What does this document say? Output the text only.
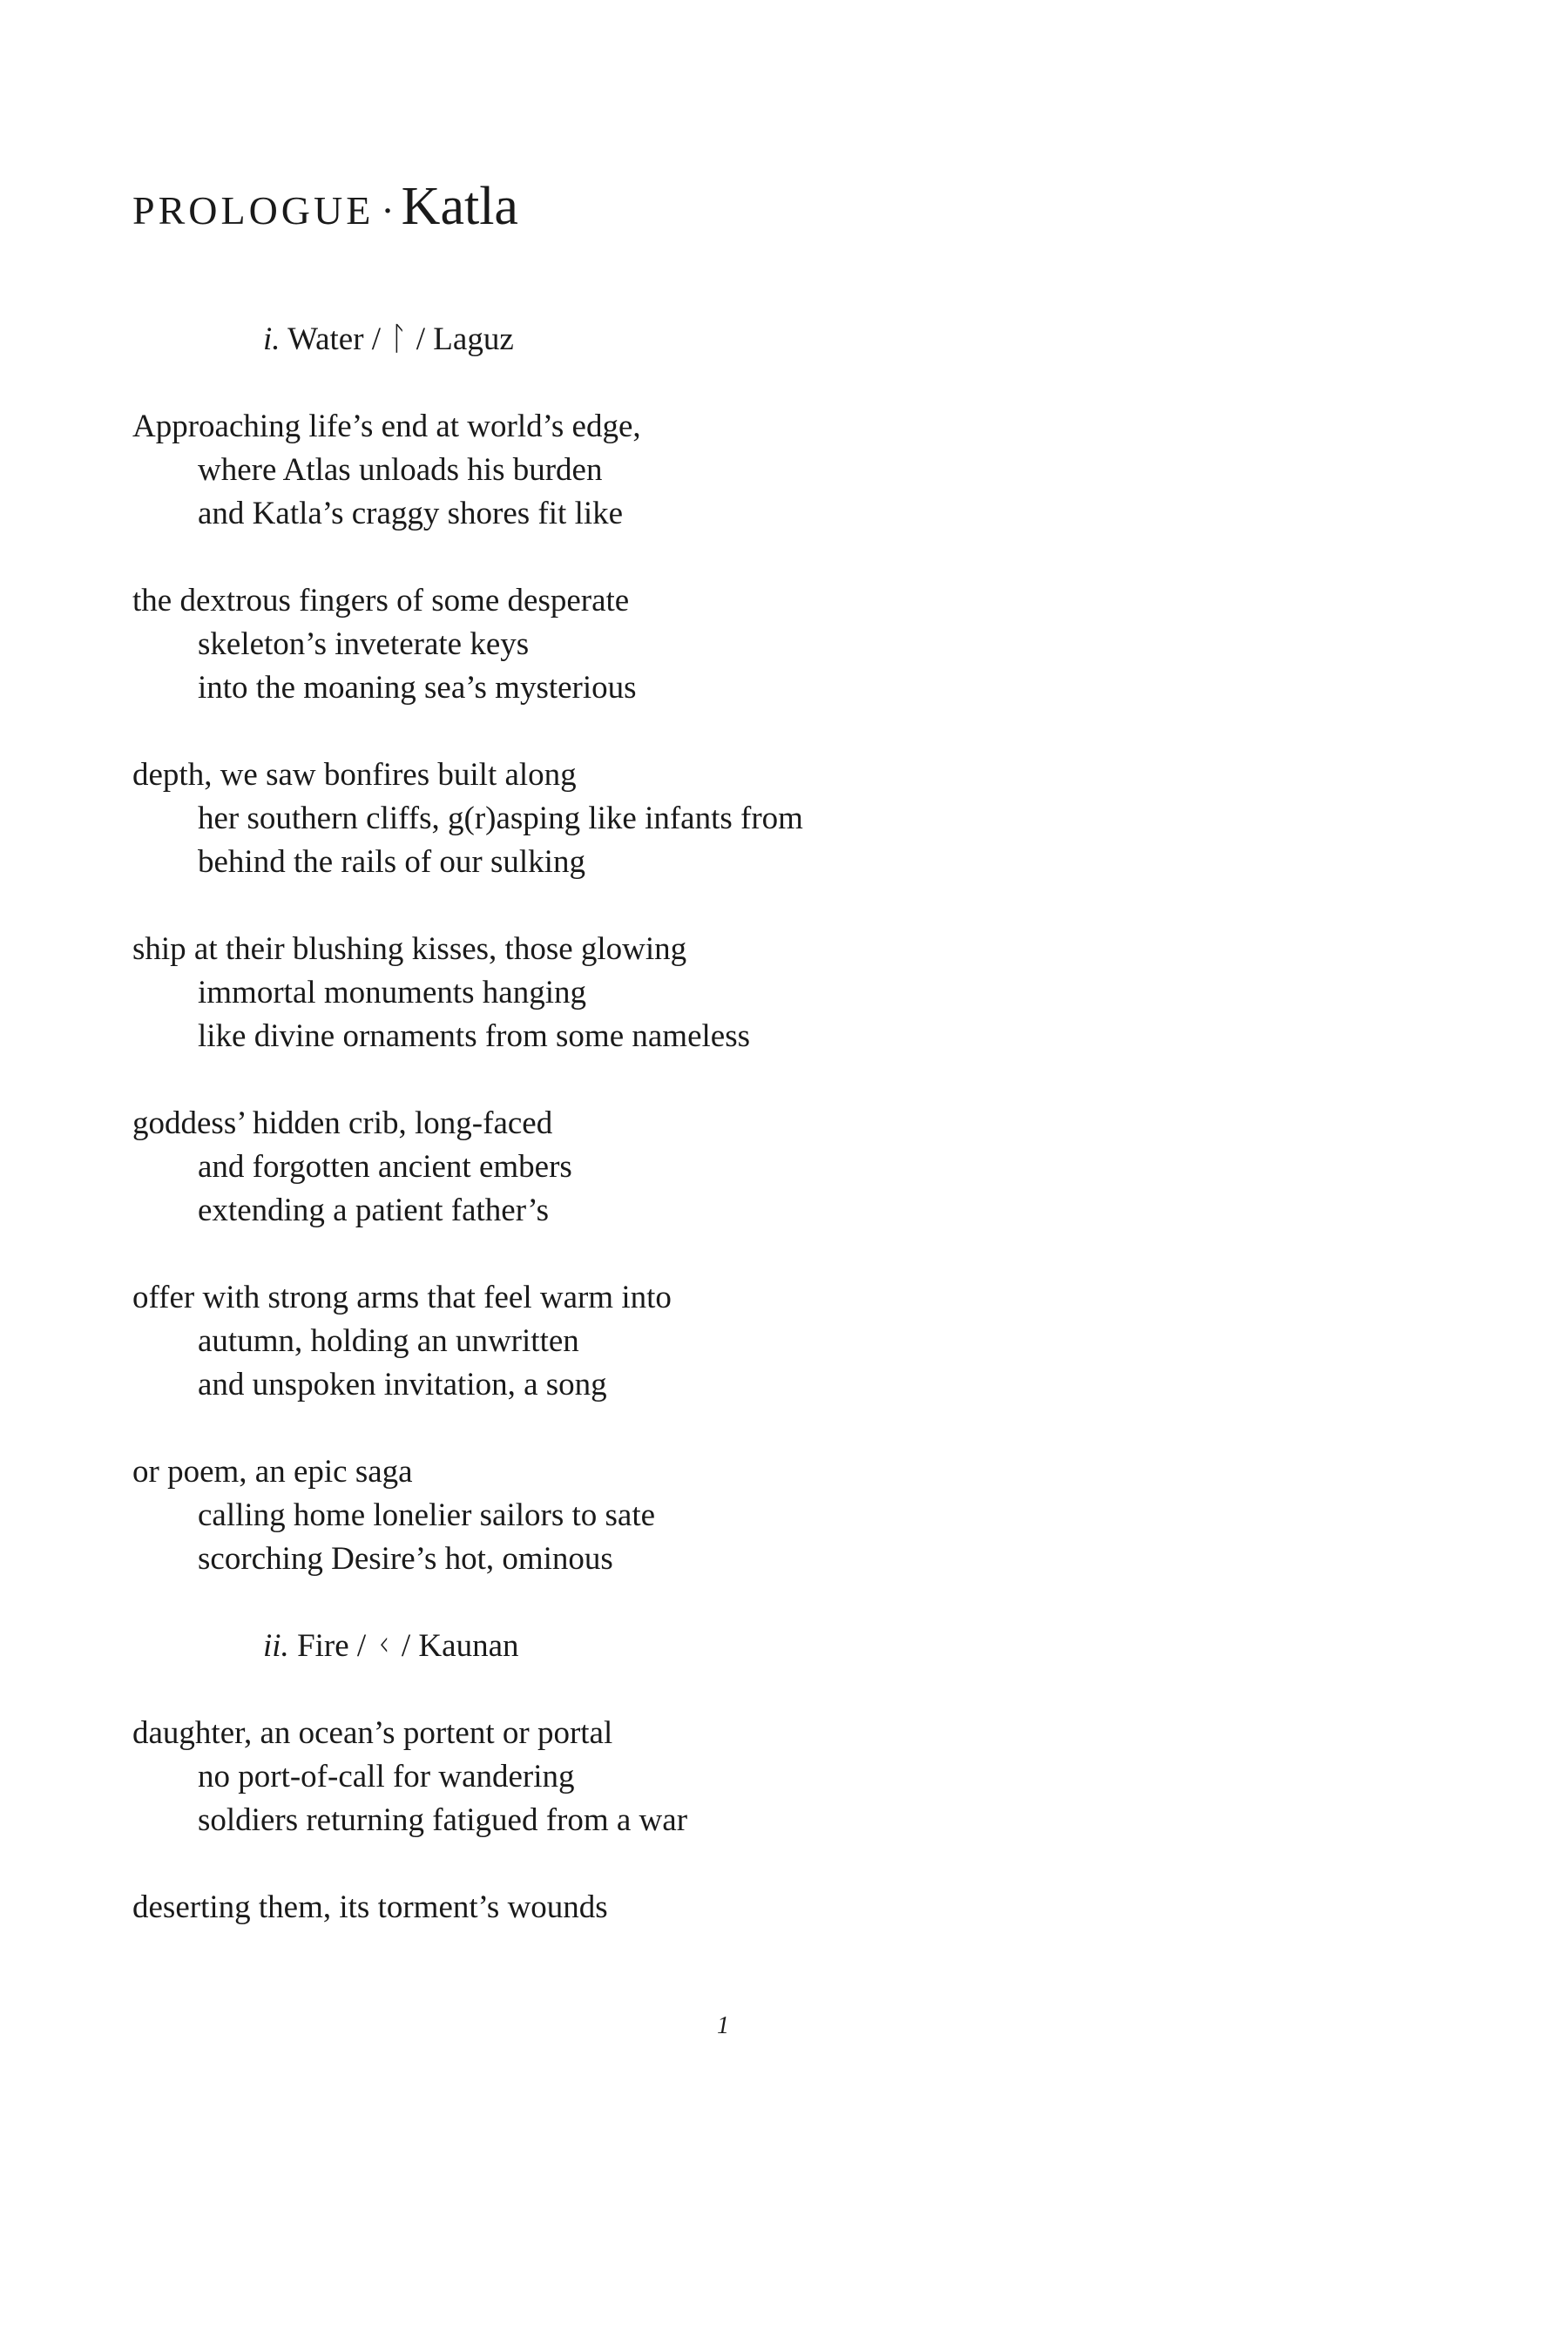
PROLOGUE · Katla
i. Water / ᛚ / Laguz
Approaching life’s end at world’s edge,
where Atlas unloads his burden
and Katla’s craggy shores fit like
the dextrous fingers of some desperate
skeleton’s inveterate keys
into the moaning sea’s mysterious
depth, we saw bonfires built along
her southern cliffs, g(r)asping like infants from
behind the rails of our sulking
ship at their blushing kisses, those glowing
immortal monuments hanging
like divine ornaments from some nameless
goddess’ hidden crib, long-faced
and forgotten ancient embers
extending a patient father’s
offer with strong arms that feel warm into
autumn, holding an unwritten
and unspoken invitation, a song
or poem, an epic saga
calling home lonelier sailors to sate
scorching Desire’s hot, ominous
ii. Fire / ᚲ / Kaunan
daughter, an ocean’s portent or portal
no port-of-call for wandering
soldiers returning fatigued from a war
deserting them, its torment’s wounds
1
